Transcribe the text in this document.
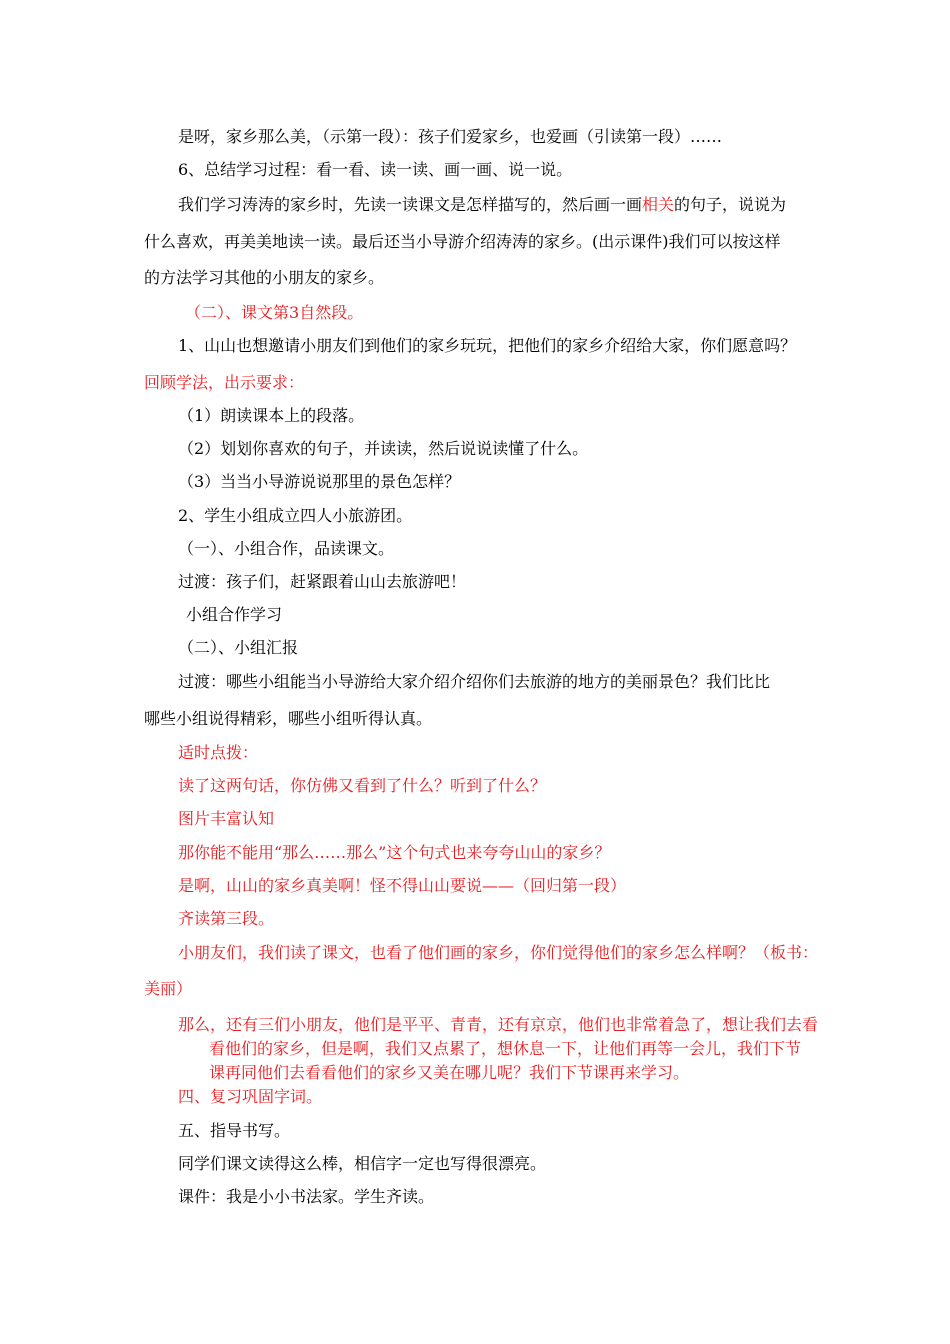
是呀，家乡那么美，（示第一段）：孩子们爱家乡，也爱画（引读第一段）……
6、总结学习过程：看一看、读一读、画一画、说一说。
我们学习涛涛的家乡时，先读一读课文是怎样描写的，然后画一画相关的句子，说说为
什么喜欢，再美美地读一读。最后还当小导游介绍涛涛的家乡。(出示课件)我们可以按这样
的方法学习其他的小朋友的家乡。
（二）、课文第3自然段。
1、山山也想邀请小朋友们到他们的家乡玩玩，把他们的家乡介绍给大家，你们愿意吗？
回顾学法，出示要求：
（1）朗读课本上的段落。
（2）划划你喜欢的句子，并读读，然后说说读懂了什么。
（3）当当小导游说说那里的景色怎样？
2、学生小组成立四人小旅游团。
（一）、小组合作，品读课文。
过渡：孩子们，赶紧跟着山山去旅游吧！
小组合作学习
（二）、小组汇报
过渡：哪些小组能当小导游给大家介绍介绍你们去旅游的地方的美丽景色？我们比比
哪些小组说得精彩，哪些小组听得认真。
适时点拨：
读了这两句话，你仿佛又看到了什么？听到了什么？
图片丰富认知
那你能不能用“那么……那么”这个句式也来夸夸山山的家乡？
是啊，山山的家乡真美啊！怪不得山山要说——（回归第一段）
齐读第三段。
小朋友们，我们读了课文，也看了他们画的家乡，你们觉得他们的家乡怎么样啊？（板书：
美丽）
那么，还有三们小朋友，他们是平平、青青，还有京京，他们也非常着急了，想让我们去看
看他们的家乡，但是啊，我们又点累了，想休息一下，让他们再等一会儿，我们下节
课再同他们去看看他们的家乡又美在哪儿呢？我们下节课再来学习。
四、复习巩固字词。
五、指导书写。
同学们课文读得这么棒，相信字一定也写得很漂亮。
课件：我是小小书法家。学生齐读。
